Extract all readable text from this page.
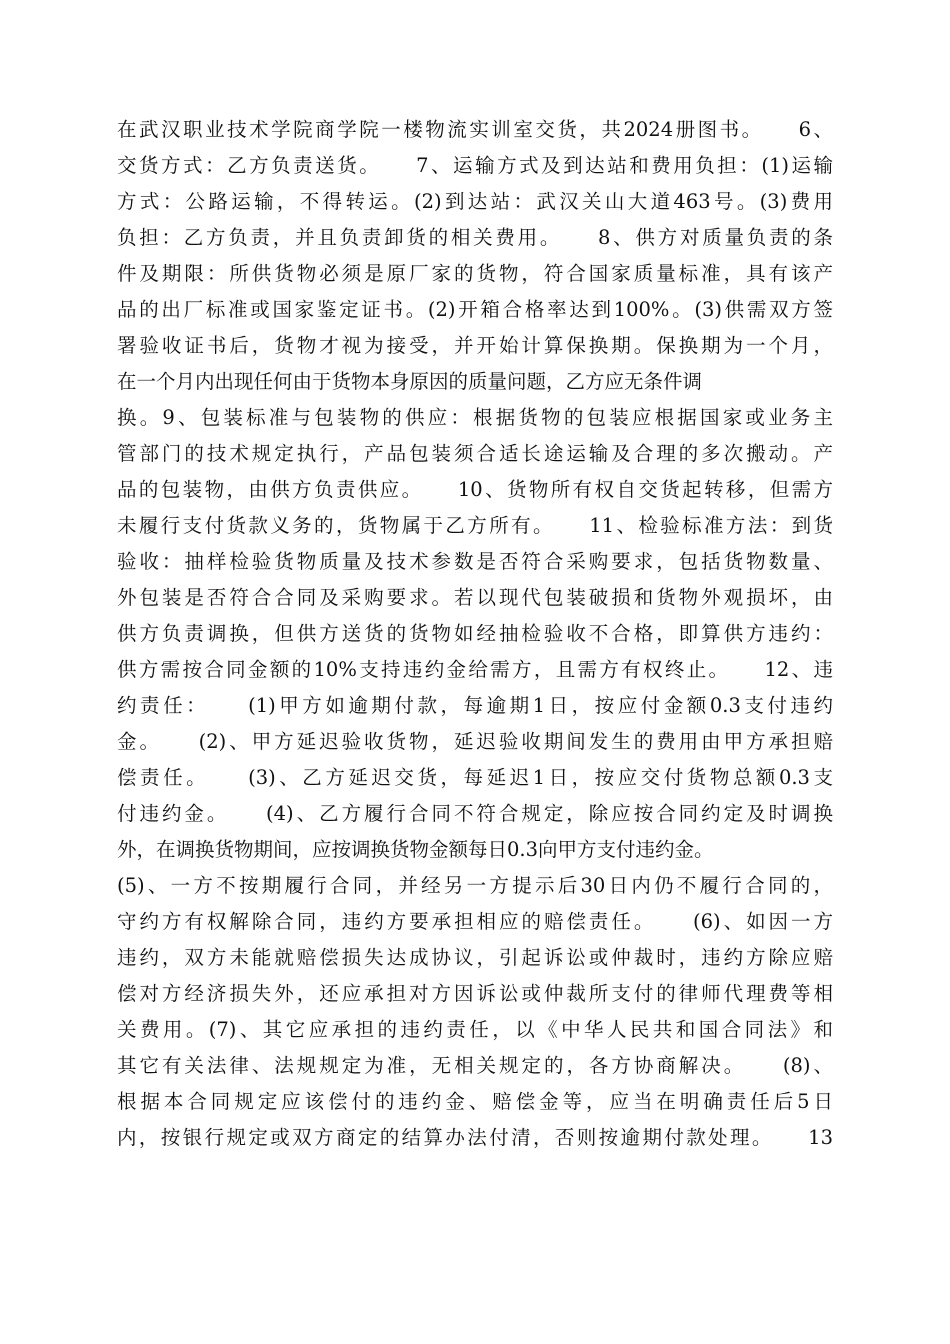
在武汉职业技术学院商学院一楼物流实训室交货，共2024册图书。    6、
交货方式：乙方负责送货。    7、运输方式及到达站和费用负担：(1)运输
方式：公路运输，不得转运。(2)到达站：武汉关山大道463号。(3)费用
负担：乙方负责，并且负责卸货的相关费用。    8、供方对质量负责的条
件及期限：所供货物必须是原厂家的货物，符合国家质量标准，具有该产
品的出厂标准或国家鉴定证书。(2)开箱合格率达到100%。(3)供需双方签
署验收证书后，货物才视为接受，并开始计算保换期。保换期为一个月，
在一个月内出现任何由于货物本身原因的质量问题，乙方应无条件调
换。9、包装标准与包装物的供应：根据货物的包装应根据国家或业务主
管部门的技术规定执行，产品包装须合适长途运输及合理的多次搬动。产
品的包装物，由供方负责供应。    10、货物所有权自交货起转移，但需方
未履行支付货款义务的，货物属于乙方所有。    11、检验标准方法：到货
验收：抽样检验货物质量及技术参数是否符合采购要求，包括货物数量、
外包装是否符合合同及采购要求。若以现代包装破损和货物外观损坏，由
供方负责调换，但供方送货的货物如经抽检验收不合格，即算供方违约：
供方需按合同金额的10%支持违约金给需方，且需方有权终止。    12、违
约责任：    (1)甲方如逾期付款，每逾期1日，按应付金额0.3支付违约
金。    (2)、甲方延迟验收货物，延迟验收期间发生的费用由甲方承担赔
偿责任。    (3)、乙方延迟交货，每延迟1日，按应交付货物总额0.3支
付违约金。    (4)、乙方履行合同不符合规定，除应按合同约定及时调换
外，在调换货物期间，应按调换货物金额每日0.3向甲方支付违约金。
(5)、一方不按期履行合同，并经另一方提示后30日内仍不履行合同的，
守约方有权解除合同，违约方要承担相应的赔偿责任。    (6)、如因一方
违约，双方未能就赔偿损失达成协议，引起诉讼或仲裁时，违约方除应赔
偿对方经济损失外，还应承担对方因诉讼或仲裁所支付的律师代理费等相
关费用。(7)、其它应承担的违约责任，以《中华人民共和国合同法》和
其它有关法律、法规规定为准，无相关规定的，各方协商解决。    (8)、
根据本合同规定应该偿付的违约金、赔偿金等，应当在明确责任后5日
内，按银行规定或双方商定的结算办法付清，否则按逾期付款处理。    13
